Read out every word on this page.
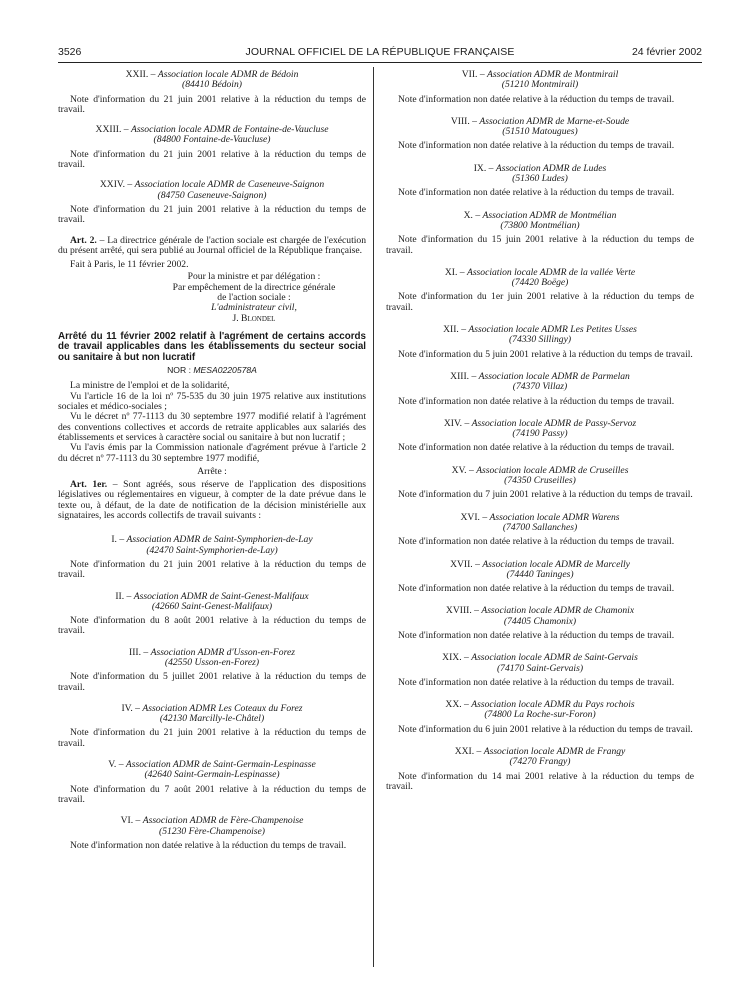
3526	JOURNAL OFFICIEL DE LA RÉPUBLIQUE FRANÇAISE	24 février 2002
XXII. – Association locale ADMR de Bédoin
(84410 Bédoin)
Note d'information du 21 juin 2001 relative à la réduction du temps de travail.
XXIII. – Association locale ADMR de Fontaine-de-Vaucluse
(84800 Fontaine-de-Vaucluse)
Note d'information du 21 juin 2001 relative à la réduction du temps de travail.
XXIV. – Association locale ADMR de Caseneuve-Saignon
(84750 Caseneuve-Saignon)
Note d'information du 21 juin 2001 relative à la réduction du temps de travail.

Art. 2. – La directrice générale de l'action sociale est chargée de l'exécution du présent arrêté, qui sera publié au Journal officiel de la République française.

Fait à Paris, le 11 février 2002.

Pour la ministre et par délégation :
Par empêchement de la directrice générale
de l'action sociale :
L'administrateur civil,
J. Blondel
Arrêté du 11 février 2002 relatif à l'agrément de certains accords de travail applicables dans les établissements du secteur social ou sanitaire à but non lucratif
NOR : MESA0220578A

La ministre de l'emploi et de la solidarité,

Vu l'article 16 de la loi nº 75-535 du 30 juin 1975 relative aux institutions sociales et médico-sociales ;

Vu le décret nº 77-1113 du 30 septembre 1977 modifié relatif à l'agrément des conventions collectives et accords de retraite applicables aux salariés des établissements et services à caractère social ou sanitaire à but non lucratif ;

Vu l'avis émis par la Commission nationale d'agrément prévue à l'article 2 du décret nº 77-1113 du 30 septembre 1977 modifié,

Arrête :

Art. 1er. – Sont agréés, sous réserve de l'application des dispositions législatives ou réglementaires en vigueur, à compter de la date prévue dans le texte ou, à défaut, de la date de notification de la décision ministérielle aux signataires, les accords collectifs de travail suivants :

I. – Association ADMR de Saint-Symphorien-de-Lay
(42470 Saint-Symphorien-de-Lay)
Note d'information du 21 juin 2001 relative à la réduction du temps de travail.
II. – Association ADMR de Saint-Genest-Malifaux
(42660 Saint-Genest-Malifaux)
Note d'information du 8 août 2001 relative à la réduction du temps de travail.
III. – Association ADMR d'Usson-en-Forez
(42550 Usson-en-Forez)
Note d'information du 5 juillet 2001 relative à la réduction du temps de travail.
IV. – Association ADMR Les Coteaux du Forez
(42130 Marcilly-le-Châtel)
Note d'information du 21 juin 2001 relative à la réduction du temps de travail.
V. – Association ADMR de Saint-Germain-Lespinasse
(42640 Saint-Germain-Lespinasse)
Note d'information du 7 août 2001 relative à la réduction du temps de travail.
VI. – Association ADMR de Fère-Champenoise
(51230 Fère-Champenoise)
Note d'information non datée relative à la réduction du temps de travail.
VII. – Association ADMR de Montmirail
(51210 Montmirail)
Note d'information non datée relative à la réduction du temps de travail.
VIII. – Association ADMR de Marne-et-Soude
(51510 Matougues)
Note d'information non datée relative à la réduction du temps de travail.
IX. – Association ADMR de Ludes
(51360 Ludes)
Note d'information non datée relative à la réduction du temps de travail.
X. – Association ADMR de Montmélian
(73800 Montmélian)
Note d'information du 15 juin 2001 relative à la réduction du temps de travail.
XI. – Association locale ADMR de la vallée Verte
(74420 Boëge)
Note d'information du 1er juin 2001 relative à la réduction du temps de travail.
XII. – Association locale ADMR Les Petites Usses
(74330 Sillingy)
Note d'information du 5 juin 2001 relative à la réduction du temps de travail.
XIII. – Association locale ADMR de Parmelan
(74370 Villaz)
Note d'information non datée relative à la réduction du temps de travail.
XIV. – Association locale ADMR de Passy-Servoz
(74190 Passy)
Note d'information non datée relative à la réduction du temps de travail.
XV. – Association locale ADMR de Cruseilles
(74350 Cruseilles)
Note d'information du 7 juin 2001 relative à la réduction du temps de travail.
XVI. – Association locale ADMR Warens
(74700 Sallanches)
Note d'information non datée relative à la réduction du temps de travail.
XVII. – Association locale ADMR de Marcelly
(74440 Taninges)
Note d'information non datée relative à la réduction du temps de travail.
XVIII. – Association locale ADMR de Chamonix
(74405 Chamonix)
Note d'information non datée relative à la réduction du temps de travail.
XIX. – Association locale ADMR de Saint-Gervais
(74170 Saint-Gervais)
Note d'information non datée relative à la réduction du temps de travail.
XX. – Association locale ADMR du Pays rochois
(74800 La Roche-sur-Foron)
Note d'information du 6 juin 2001 relative à la réduction du temps de travail.
XXI. – Association locale ADMR de Frangy
(74270 Frangy)
Note d'information du 14 mai 2001 relative à la réduction du temps de travail.
